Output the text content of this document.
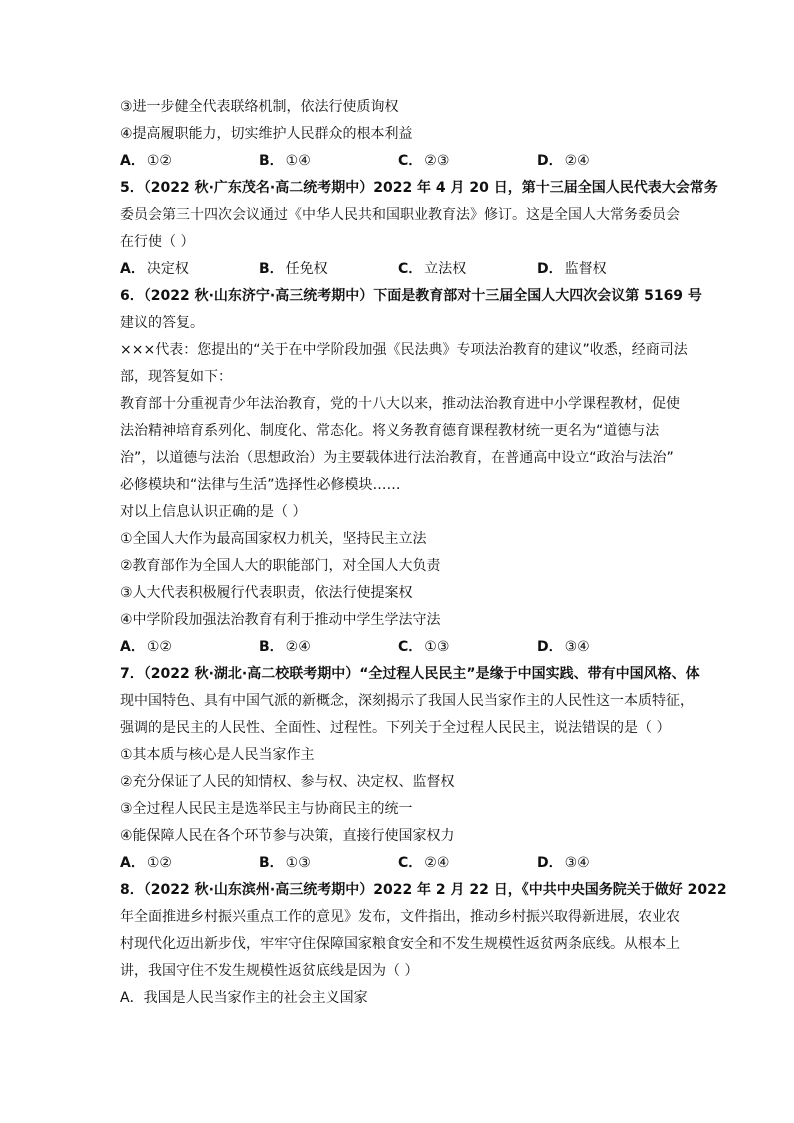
③进一步健全代表联络机制，依法行使质询权
④提高履职能力，切实维护人民群众的根本利益
A． ①②	B． ①④	C． ②③	D． ②④
5．（2022 秋·广东茂名·高二统考期中）2022 年 4 月 20 日，第十三届全国人民代表大会常务
委员会第三十四次会议通过《中华人民共和国职业教育法》修订。这是全国人大常务委员会
在行使（ ）
A． 决定权	B． 任免权	C． 立法权	D． 监督权
6．（2022 秋·山东济宁·高三统考期中）下面是教育部对十三届全国人大四次会议第 5169 号
建议的答复。
×××代表：您提出的“关于在中学阶段加强《民法典》专项法治教育的建议”收悉，经商司法
部，现答复如下：
教育部十分重视青少年法治教育，党的十八大以来，推动法治教育进中小学课程教材，促使
法治精神培育系列化、制度化、常态化。将义务教育德育课程教材统一更名为“道德与法
治”，以道德与法治（思想政治）为主要载体进行法治教育，在普通高中设立“政治与法治”
必修模块和“法律与生活”选择性必修模块……
对以上信息认识正确的是（ ）
①全国人大作为最高国家权力机关，坚持民主立法
②教育部作为全国人大的职能部门，对全国人大负责
③人大代表积极履行代表职责，依法行使提案权
④中学阶段加强法治教育有利于推动中学生学法守法
A． ①②	B． ②④	C． ①③	D． ③④
7．（2022 秋·湖北·高二校联考期中）“全过程人民民主”是缘于中国实践、带有中国风格、体
现中国特色、具有中国气派的新概念，深刻揭示了我国人民当家作主的人民性这一本质特征，
强调的是民主的人民性、全面性、过程性。下列关于全过程人民民主，说法错误的是（ ）
①其本质与核心是人民当家作主
②充分保证了人民的知情权、参与权、决定权、监督权
③全过程人民民主是选举民主与协商民主的统一
④能保障人民在各个环节参与决策，直接行使国家权力
A． ①②	B． ①③	C． ②④	D． ③④
8．（2022 秋·山东滨州·高三统考期中）2022 年 2 月 22 日，《中共中央国务院关于做好 2022
年全面推进乡村振兴重点工作的意见》发布，文件指出，推动乡村振兴取得新进展，农业农
村现代化迈出新步伐，牢牢守住保障国家粮食安全和不发生规模性返贫两条底线。从根本上
讲，我国守住不发生规模性返贫底线是因为（ ）
A．我国是人民当家作主的社会主义国家
